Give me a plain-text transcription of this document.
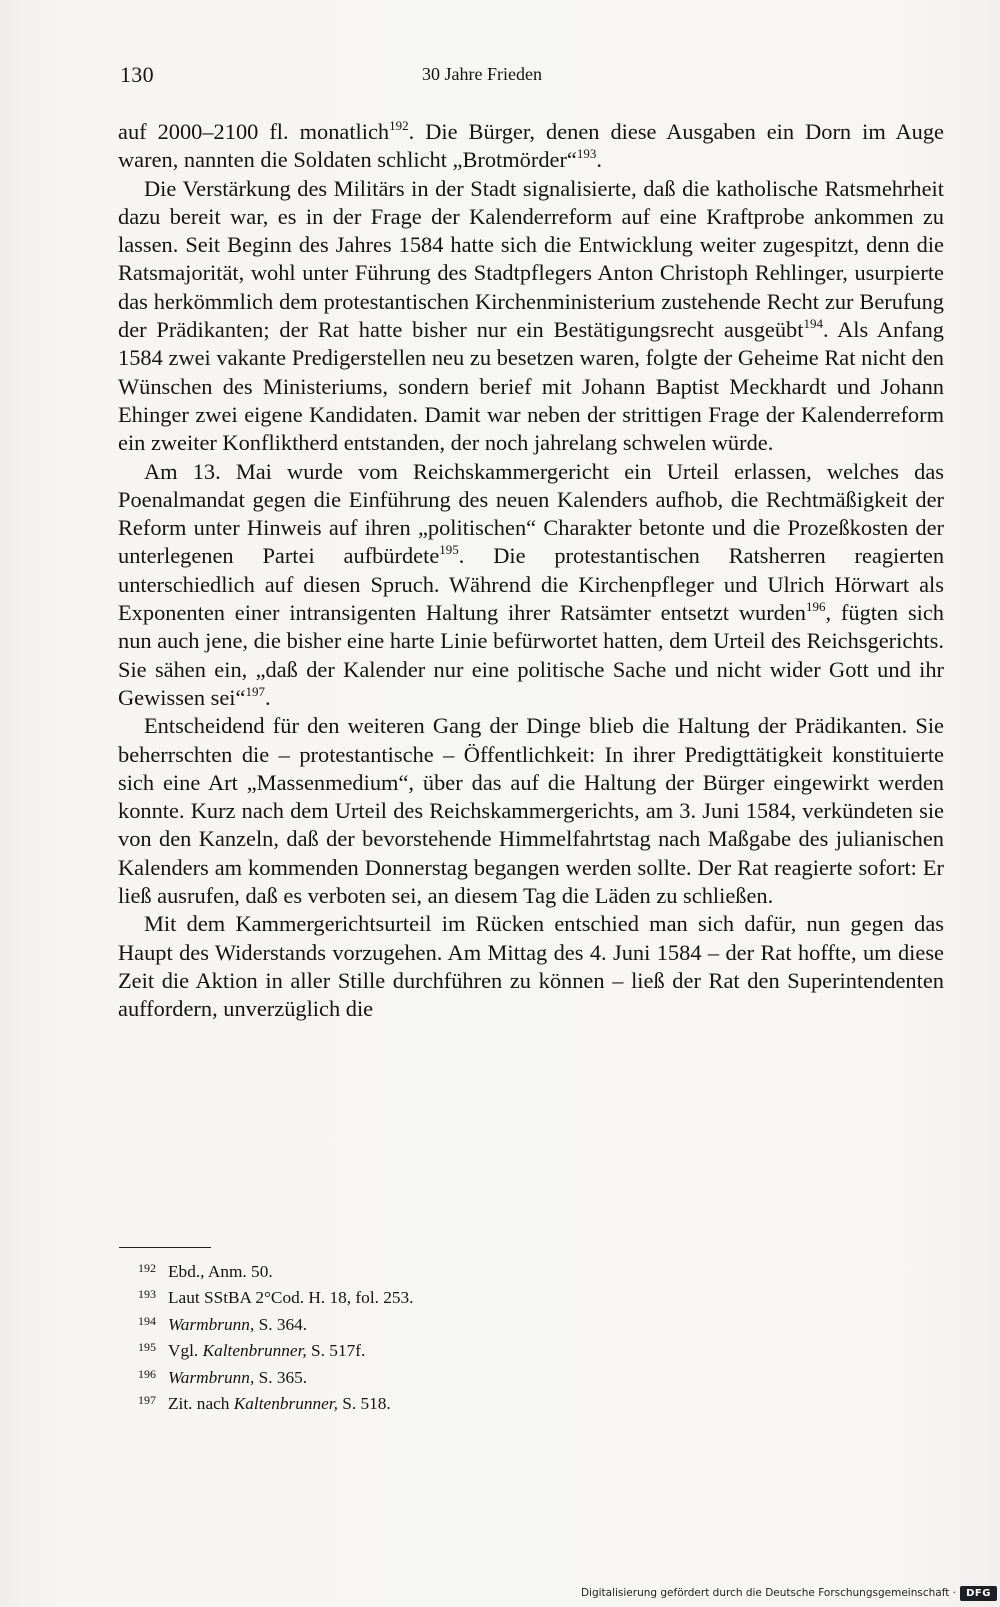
130	30 Jahre Frieden

auf 2000–2100 fl. monatlich$^{192}$. Die Bürger, denen diese Ausgaben ein Dorn im Auge waren, nannten die Soldaten schlicht „Brotmörder“$^{193}$.

Die Verstärkung des Militärs in der Stadt signalisierte, daß die katholische Ratsmehrheit dazu bereit war, es in der Frage der Kalenderreform auf eine Kraftprobe ankommen zu lassen. Seit Beginn des Jahres 1584 hatte sich die Entwicklung weiter zugespitzt, denn die Ratsmajorität, wohl unter Führung des Stadtpflegers Anton Christoph Rehlinger, usurpierte das herkömmlich dem protestantischen Kirchenministerium zustehende Recht zur Berufung der Prädikanten; der Rat hatte bisher nur ein Bestätigungsrecht ausgeübt$^{194}$. Als Anfang 1584 zwei vakante Predigerstellen neu zu besetzen waren, folgte der Geheime Rat nicht den Wünschen des Ministeriums, sondern berief mit Johann Baptist Meckhardt und Johann Ehinger zwei eigene Kandidaten. Damit war neben der strittigen Frage der Kalenderreform ein zweiter Konfliktherd entstanden, der noch jahrelang schwelen würde.

Am 13. Mai wurde vom Reichskammergericht ein Urteil erlassen, welches das Poenalmandat gegen die Einführung des neuen Kalenders aufhob, die Rechtmäßigkeit der Reform unter Hinweis auf ihren „politischen“ Charakter betonte und die Prozeßkosten der unterlegenen Partei aufbürdete$^{195}$. Die protestantischen Ratsherren reagierten unterschiedlich auf diesen Spruch. Während die Kirchenpfleger und Ulrich Hörwart als Exponenten einer intransigenten Haltung ihrer Ratsämter entsetzt wurden$^{196}$, fügten sich nun auch jene, die bisher eine harte Linie befürwortet hatten, dem Urteil des Reichsgerichts. Sie sähen ein, „daß der Kalender nur eine politische Sache und nicht wider Gott und ihr Gewissen sei“$^{197}$.

Entscheidend für den weiteren Gang der Dinge blieb die Haltung der Prädikanten. Sie beherrschten die – protestantische – Öffentlichkeit: In ihrer Predigttätigkeit konstituierte sich eine Art „Massenmedium“, über das auf die Haltung der Bürger eingewirkt werden konnte. Kurz nach dem Urteil des Reichskammergerichts, am 3. Juni 1584, verkündeten sie von den Kanzeln, daß der bevorstehende Himmelfahrtstag nach Maßgabe des julianischen Kalenders am kommenden Donnerstag begangen werden sollte. Der Rat reagierte sofort: Er ließ ausrufen, daß es verboten sei, an diesem Tag die Läden zu schließen.

Mit dem Kammergerichtsurteil im Rücken entschied man sich dafür, nun gegen das Haupt des Widerstands vorzugehen. Am Mittag des 4. Juni 1584 – der Rat hoffte, um diese Zeit die Aktion in aller Stille durchführen zu können – ließ der Rat den Superintendenten auffordern, unverzüglich die

192 Ebd., Anm. 50.
193 Laut SStBA 2°Cod. H. 18, fol. 253.
194 Warmbrunn, S. 364.
195 Vgl. Kaltenbrunner, S. 517f.
196 Warmbrunn, S. 365.
197 Zit. nach Kaltenbrunner, S. 518.
Digitalisierung gefördert durch die Deutsche Forschungsgemeinschaft ·	DFG
